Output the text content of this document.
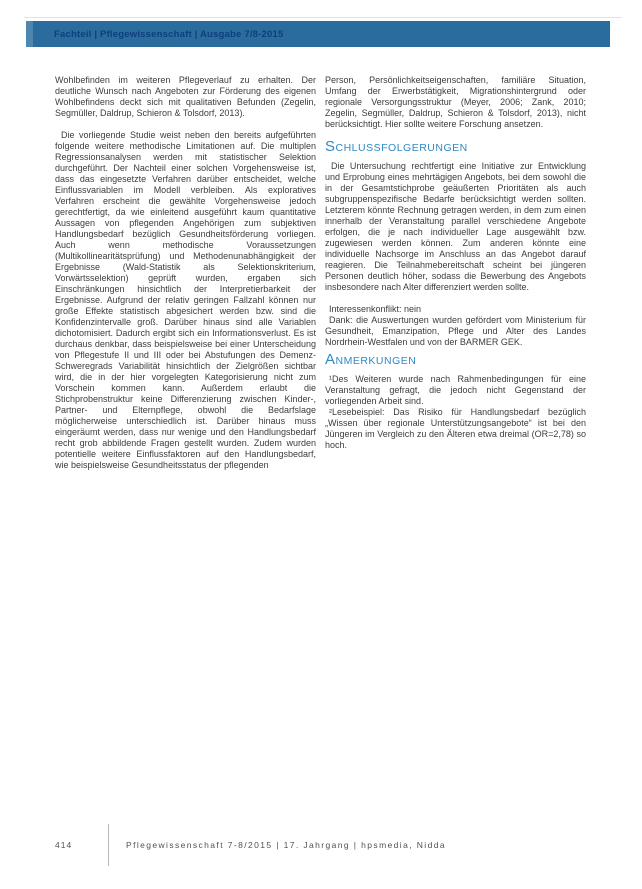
Fachteil | Pflegewissenschaft | Ausgabe 7/8-2015

Wohlbefinden im weiteren Pflegeverlauf zu erhalten. Der deutliche Wunsch nach Angeboten zur Förderung des eigenen Wohlbefindens deckt sich mit qualitativen Befunden (Zegelin, Segmüller, Daldrup, Schieron & Tolsdorf, 2013).

Die vorliegende Studie weist neben den bereits aufgeführten folgende weitere methodische Limitationen auf. Die multiplen Regressionsanalysen werden mit statistischer Selektion durchgeführt. Der Nachteil einer solchen Vorgehensweise ist, dass das eingesetzte Verfahren darüber entscheidet, welche Einflussvariablen im Modell verbleiben. Als exploratives Verfahren erscheint die gewählte Vorgehensweise jedoch gerechtfertigt, da wie einleitend ausgeführt kaum quantitative Aussagen von pflegenden Angehörigen zum subjektiven Handlungsbedarf bezüglich Gesundheitsförderung vorliegen. Auch wenn methodische Voraussetzungen (Multikollinearitätsprüfung) und Methodenunabhängigkeit der Ergebnisse (Wald-Statistik als Selektionskriterium, Vorwärtsselektion) geprüft wurden, ergaben sich Einschränkungen hinsichtlich der Interpretierbarkeit der Ergebnisse. Aufgrund der relativ geringen Fallzahl können nur große Effekte statistisch abgesichert werden bzw. sind die Konfidenzintervalle groß. Darüber hinaus sind alle Variablen dichotomisiert. Dadurch ergibt sich ein Informationsverlust. Es ist durchaus denkbar, dass beispielsweise bei einer Unterscheidung von Pflegestufe II und III oder bei Abstufungen des Demenz-Schweregrads Variabilität hinsichtlich der Zielgrößen sichtbar wird, die in der hier vorgelegten Kategorisierung nicht zum Vorschein kommen kann. Außerdem erlaubt die Stichprobenstruktur keine Differenzierung zwischen Kinder-, Partner- und Elternpflege, obwohl die Bedarfslage möglicherweise unterschiedlich ist. Darüber hinaus muss eingeräumt werden, dass nur wenige und den Handlungsbedarf recht grob abbildende Fragen gestellt wurden. Zudem wurden potentielle weitere Einflussfaktoren auf den Handlungsbedarf, wie beispielsweise Gesundheitsstatus der pflegenden

Person, Persönlichkeitseigenschaften, familiäre Situation, Umfang der Erwerbstätigkeit, Migrationshintergrund oder regionale Versorgungsstruktur (Meyer, 2006; Zank, 2010; Zegelin, Segmüller, Daldrup, Schieron & Tolsdorf, 2013), nicht berücksichtigt. Hier sollte weitere Forschung ansetzen.

SCHLUSSFOLGERUNGEN

Die Untersuchung rechtfertigt eine Initiative zur Entwicklung und Erprobung eines mehrtägigen Angebots, bei dem sowohl die in der Gesamtstichprobe geäußerten Prioritäten als auch subgruppenspezifische Bedarfe berücksichtigt werden sollten. Letzterem könnte Rechnung getragen werden, in dem zum einen innerhalb der Veranstaltung parallel verschiedene Angebote erfolgen, die je nach individueller Lage ausgewählt bzw. zugewiesen werden können. Zum anderen könnte eine individuelle Nachsorge im Anschluss an das Angebot darauf reagieren. Die Teilnahmebereitschaft scheint bei jüngeren Personen deutlich höher, sodass die Bewerbung des Angebots insbesondere nach Alter differenziert werden sollte.

Interessenkonflikt: nein

Dank: die Auswertungen wurden gefördert vom Ministerium für Gesundheit, Emanzipation, Pflege und Alter des Landes Nordrhein-Westfalen und von der BARMER GEK.

ANMERKUNGEN

¹Des Weiteren wurde nach Rahmenbedingungen für eine Veranstaltung gefragt, die jedoch nicht Gegenstand der vorliegenden Arbeit sind.

²Lesebeispiel: Das Risiko für Handlungsbedarf bezüglich „Wissen über regionale Unterstützungsangebote“ ist bei den Jüngeren im Vergleich zu den Älteren etwa dreimal (OR=2,78) so hoch.

414	Pflegewissenschaft 7-8/2015 | 17. Jahrgang | hpsmedia, Nidda
